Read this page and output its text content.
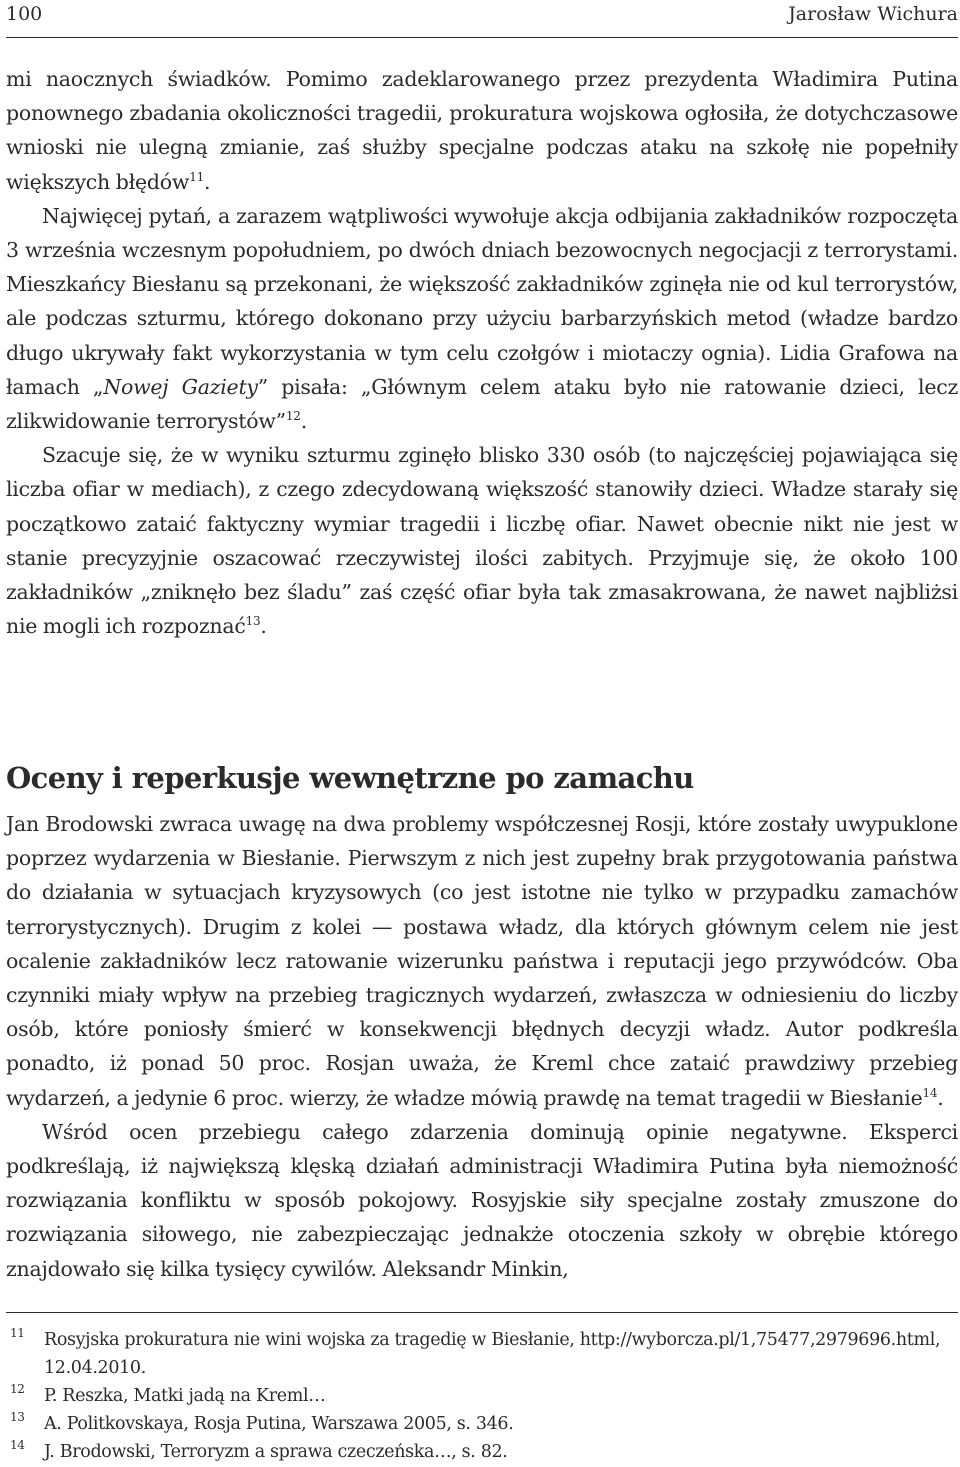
100	Jarosław Wichura

mi naocznych świadków. Pomimo zadeklarowanego przez prezydenta Władimira Putina ponownego zbadania okoliczności tragedii, prokuratura wojskowa ogłosiła, że dotychczasowe wnioski nie ulegną zmianie, zaś służby specjalne podczas ataku na szkołę nie popełniły większych błędów$^{11}$.

Najwięcej pytań, a zarazem wątpliwości wywołuje akcja odbijania zakładników rozpoczęta 3 września wczesnym popołudniem, po dwóch dniach bezowocnych negocjacji z terrorystami. Mieszkańcy Biesłanu są przekonani, że większość zakładników zginęła nie od kul terrorystów, ale podczas szturmu, którego dokonano przy użyciu barbarzyńskich metod (władze bardzo długo ukrywały fakt wykorzystania w tym celu czołgów i miotaczy ognia). Lidia Grafowa na łamach „Nowej Gaziety” pisała: „Głównym celem ataku było nie ratowanie dzieci, lecz zlikwidowanie terrorystów”$^{12}$.

Szacuje się, że w wyniku szturmu zginęło blisko 330 osób (to najczęściej pojawiająca się liczba ofiar w mediach), z czego zdecydowaną większość stanowiły dzieci. Władze starały się początkowo zataić faktyczny wymiar tragedii i liczbę ofiar. Nawet obecnie nikt nie jest w stanie precyzyjnie oszacować rzeczywistej ilości zabitych. Przyjmuje się, że około 100 zakładników „zniknęło bez śladu” zaś część ofiar była tak zmasakrowana, że nawet najbliżsi nie mogli ich rozpoznać$^{13}$.

Oceny i reperkusje wewnętrzne po zamachu

Jan Brodowski zwraca uwagę na dwa problemy współczesnej Rosji, które zostały uwypuklone poprzez wydarzenia w Biesłanie. Pierwszym z nich jest zupełny brak przygotowania państwa do działania w sytuacjach kryzysowych (co jest istotne nie tylko w przypadku zamachów terrorystycznych). Drugim z kolei — postawa władz, dla których głównym celem nie jest ocalenie zakładników lecz ratowanie wizerunku państwa i reputacji jego przywódców. Oba czynniki miały wpływ na przebieg tragicznych wydarzeń, zwłaszcza w odniesieniu do liczby osób, które poniosły śmierć w konsekwencji błędnych decyzji władz. Autor podkreśla ponadto, iż ponad 50 proc. Rosjan uważa, że Kreml chce zataić prawdziwy przebieg wydarzeń, a jedynie 6 proc. wierzy, że władze mówią prawdę na temat tragedii w Biesłanie$^{14}$.

Wśród ocen przebiegu całego zdarzenia dominują opinie negatywne. Eksperci podkreślają, iż największą klęską działań administracji Władimira Putina była niemożność rozwiązania konfliktu w sposób pokojowy. Rosyjskie siły specjalne zostały zmuszone do rozwiązania siłowego, nie zabezpieczając jednakże otoczenia szkoły w obrębie którego znajdowało się kilka tysięcy cywilów. Aleksandr Minkin,

11 Rosyjska prokuratura nie wini wojska za tragedię w Biesłanie, http://wyborcza.pl/1,75477,2979696.html, 12.04.2010.
12 P. Reszka, Matki jadą na Kreml…
13 A. Politkovskaya, Rosja Putina, Warszawa 2005, s. 346.
14 J. Brodowski, Terroryzm a sprawa czeczeńska…, s. 82.
